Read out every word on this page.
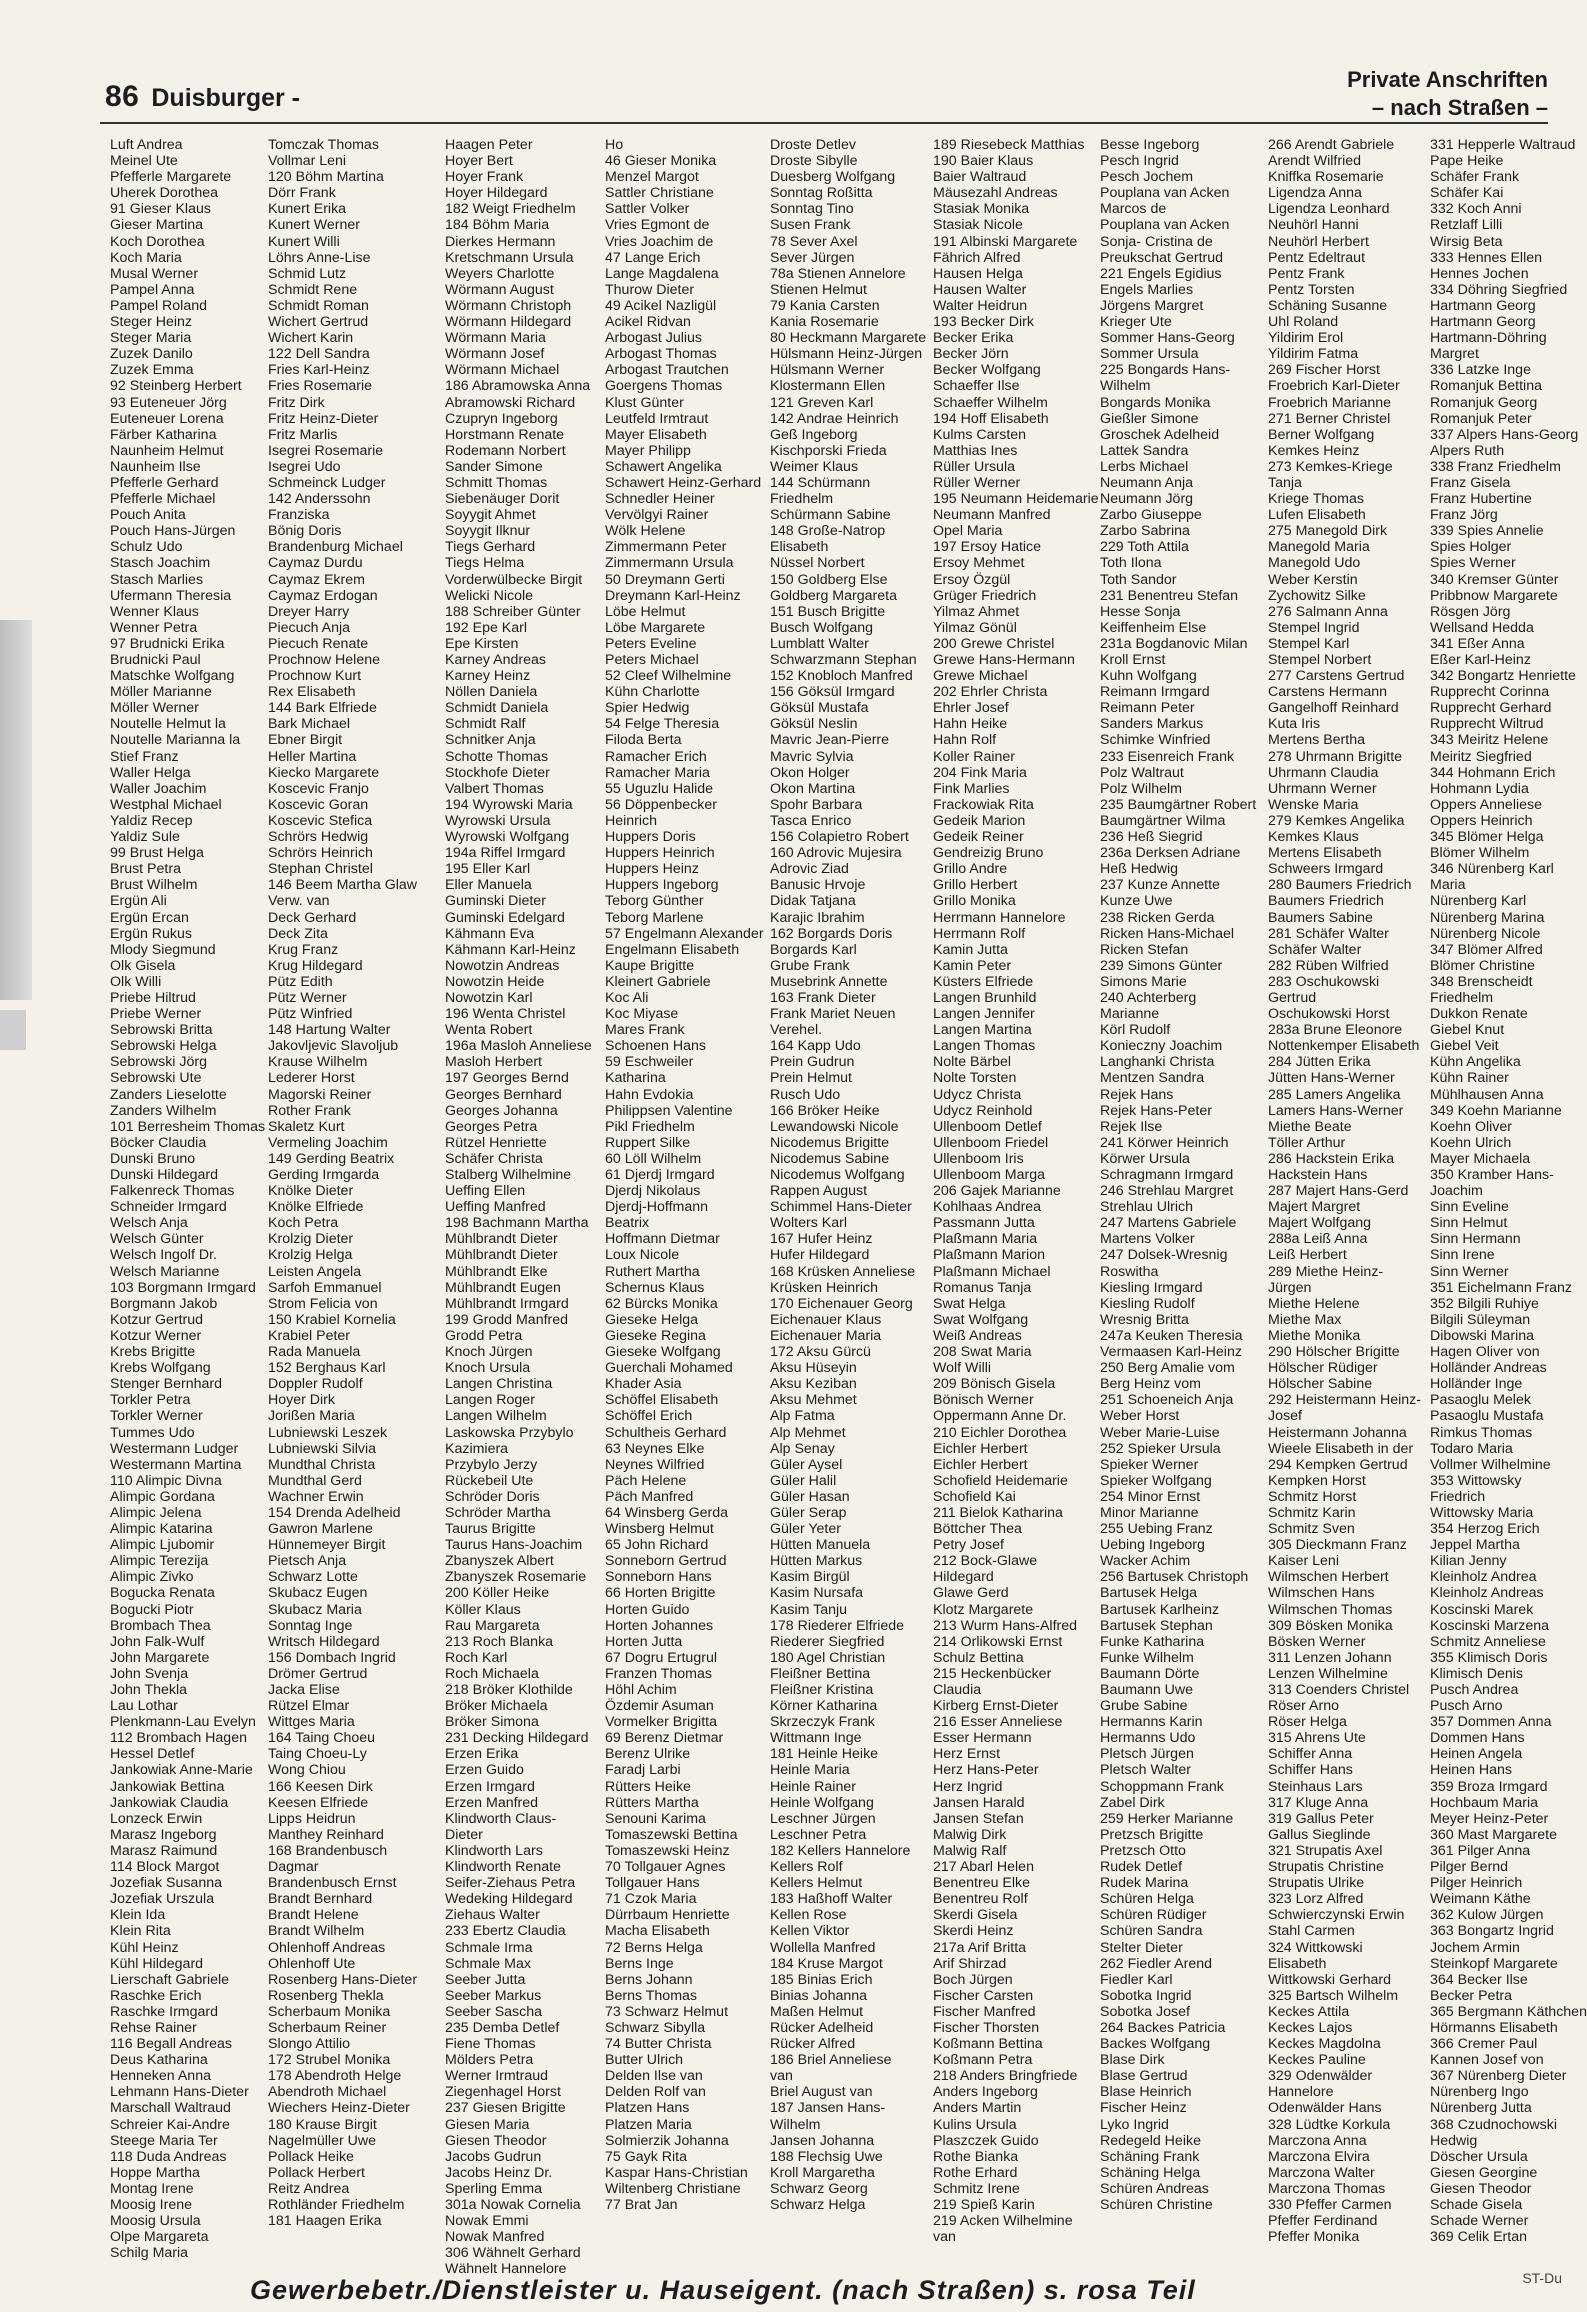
86 Duisburger -
Private Anschriften
– nach Straßen –
Luft Andrea
Meinel Ute
Pfefferle Margarete
Uherek Dorothea
91 Gieser Klaus
Gieser Martina
Koch Dorothea
Koch Maria
Musal Werner
Pampel Anna
Pampel Roland
Steger Heinz
Steger Maria
Zuzek Danilo
Zuzek Emma
92 Steinberg Herbert
93 Euteneuer Jörg
Euteneuer Lorena
Färber Katharina
Naunheim Helmut
Naunheim Ilse
Pfefferle Gerhard
Pfefferle Michael
Pouch Anita
Pouch Hans-Jürgen
Schulz Udo
Stasch Joachim
Stasch Marlies
Ufermann Theresia
Wenner Klaus
Wenner Petra
97 Brudnicki Erika
Brudnicki Paul
Matschke Wolfgang
Möller Marianne
Möller Werner
Noutelle Helmut la
Noutelle Marianna la
Stief Franz
Waller Helga
Waller Joachim
Westphal Michael
Yaldiz Recep
Yaldiz Sule
99 Brust Helga
Brust Petra
Brust Wilhelm
Ergün Ali
Ergün Ercan
Ergün Rukus
Mlody Siegmund
Olk Gisela
Olk Willi
Priebe Hiltrud
Priebe Werner
Sebrowski Britta
Sebrowski Helga
Sebrowski Jörg
Sebrowski Ute
Zanders Lieselotte
Zanders Wilhelm
101 Berresheim Thomas
Böcker Claudia
Dunski Bruno
Dunski Hildegard
Falkenreck Thomas
Schneider Irmgard
Welsch Anja
Welsch Günter
Welsch Ingolf Dr.
Welsch Marianne
103 Borgmann Irmgard
Borgmann Jakob
Kotzur Gertrud
Kotzur Werner
Krebs Brigitte
Krebs Wolfgang
Stenger Bernhard
Torkler Petra
Torkler Werner
Tummes Udo
Westermann Ludger
Westermann Martina
110 Alimpic Divna
Alimpic Gordana
Alimpic Jelena
Alimpic Katarina
Alimpic Ljubomir
Alimpic Terezija
Alimpic Zivko
Bogucka Renata
Bogucki Piotr
Brombach Thea
John Falk-Wulf
John Margarete
John Svenja
John Thekla
Lau Lothar
Plenkmann-Lau Evelyn
112 Brombach Hagen
Hessel Detlef
Jankowiak Anne-Marie
Jankowiak Bettina
Jankowiak Claudia
Lonzeck Erwin
Marasz Ingeborg
Marasz Raimund
114 Block Margot
Jozefiak Susanna
Jozefiak Urszula
Klein Ida
Klein Rita
Kühl Heinz
Kühl Hildegard
Lierschaft Gabriele
Raschke Erich
Raschke Irmgard
Rehse Rainer
116 Begall Andreas
Deus Katharina
Henneken Anna
Lehmann Hans-Dieter
Marschall Waltraud
Schreier Kai-Andre
Steege Maria Ter
118 Duda Andreas
Hoppe Martha
Montag Irene
Moosig Irene
Moosig Ursula
Olpe Margareta
Schilg Maria
Tomczak Thomas
Vollmar Leni
120 Böhm Martina
Dörr Frank
Kunert Erika
Kunert Werner
Kunert Willi
Löhrs Anne-Lise
Schmid Lutz
Schmidt Rene
Schmidt Roman
Wichert Gertrud
Wichert Karin
122 Dell Sandra
Fries Karl-Heinz
Fries Rosemarie
Fritz Dirk
Fritz Heinz-Dieter
Fritz Marlis
Isegrei Rosemarie
Isegrei Udo
Schmeinck Ludger
142 Anderssohn
Franziska
Bönig Doris
Brandenburg Michael
Caymaz Durdu
Caymaz Ekrem
Caymaz Erdogan
Dreyer Harry
Piecuch Anja
Piecuch Renate
Prochnow Helene
Prochnow Kurt
Rex Elisabeth
144 Bark Elfriede
Bark Michael
Ebner Birgit
Heller Martina
Kiecko Margarete
Koscevic Franjo
Koscevic Goran
Koscevic Stefica
Schrörs Hedwig
Schrörs Heinrich
Stephan Christel
146 Beem Martha Glaw
Verw. van
Deck Gerhard
Deck Zita
Krug Franz
Krug Hildegard
Pütz Edith
Pütz Werner
Pütz Winfried
148 Hartung Walter
Jakovljevic Slavoljub
Krause Wilhelm
Lederer Horst
Magorski Reiner
Rother Frank
Skaletz Kurt
Vermeling Joachim
149 Gerding Beatrix
Gerding Irmgarda
Knölke Dieter
Knölke Elfriede
Koch Petra
Krolzig Dieter
Krolzig Helga
Leisten Angela
Sarfoh Emmanuel
Strom Felicia von
150 Krabiel Kornelia
Krabiel Peter
Rada Manuela
152 Berghaus Karl
Doppler Rudolf
Hoyer Dirk
Jorißen Maria
Lubniewski Leszek
Lubniewski Silvia
Mundthal Christa
Mundthal Gerd
Wachner Erwin
154 Drenda Adelheid
Gawron Marlene
Hünnemeyer Birgit
Pietsch Anja
Schwarz Lotte
Skubacz Eugen
Skubacz Maria
Sonntag Inge
Writsch Hildegard
156 Dombach Ingrid
Drömer Gertrud
Jacka Elise
Rützel Elmar
Wittges Maria
164 Taing Choeu
Taing Choeu-Ly
Wong Chiou
166 Keesen Dirk
Keesen Elfriede
Lipps Heidrun
Manthey Reinhard
168 Brandenbusch
Dagmar
Brandenbusch Ernst
Brandt Bernhard
Brandt Helene
Brandt Wilhelm
Ohlenhoff Andreas
Ohlenhoff Ute
Rosenberg Hans-Dieter
Rosenberg Thekla
Scherbaum Monika
Scherbaum Reiner
Slongo Attilio
172 Strubel Monika
178 Abendroth Helge
Abendroth Michael
Wiechers Heinz-Dieter
180 Krause Birgit
Nagelmüller Uwe
Pollack Heike
Pollack Herbert
Reitz Andrea
Rothländer Friedhelm
181 Haagen Erika
Haagen Peter
Hoyer Bert
Hoyer Frank
Hoyer Hildegard
182 Weigt Friedhelm
184 Böhm Maria
Dierkes Hermann
Kretschmann Ursula
Weyers Charlotte
Wörmann August
Wörmann Christoph
Wörmann Hildegard
Wörmann Maria
Wörmann Josef
Wörmann Michael
186 Abramowska Anna
Abramowski Richard
Czupryn Ingeborg
Horstmann Renate
Rodemann Norbert
Sander Simone
Schmitt Thomas
Siebenäuger Dorit
Soyygit Ahmet
Soyygit Ilknur
Tiegs Gerhard
Tiegs Helma
Vorderwülbecke Birgit
Welicki Nicole
188 Schreiber Günter
192 Epe Karl
Epe Kirsten
Karney Andreas
Karney Heinz
Nöllen Daniela
Schmidt Daniela
Schmidt Ralf
Schnitker Anja
Schotte Thomas
Stockhofe Dieter
Valbert Thomas
194 Wyrowski Maria
Wyrowski Ursula
Wyrowski Wolfgang
194a Riffel Irmgard
195 Eller Karl
Eller Manuela
Guminski Dieter
Guminski Edelgard
Kähmann Eva
Kähmann Karl-Heinz
Nowotzin Andreas
Nowotzin Heide
Nowotzin Karl
196 Wenta Christel
Wenta Robert
196a Masloh Anneliese
Masloh Herbert
197 Georges Bernd
Georges Bernhard
Georges Johanna
Georges Petra
Rützel Henriette
Schäfer Christa
Stalberg Wilhelmine
Ueffing Ellen
Ueffing Manfred
198 Bachmann Martha
Mühlbrandt Dieter
Mühlbrandt Dieter
Mühlbrandt Elke
Mühlbrandt Eugen
Mühlbrandt Irmgard
199 Grodd Manfred
Grodd Petra
Knoch Jürgen
Knoch Ursula
Langen Christina
Langen Roger
Langen Wilhelm
Laskowska Przybylo
Kazimiera
Przybylo Jerzy
Rückebeil Ute
Schröder Doris
Schröder Martha
Taurus Brigitte
Taurus Hans-Joachim
Zbanyszek Albert
Zbanyszek Rosemarie
200 Köller Heike
Köller Klaus
Rau Margareta
213 Roch Blanka
Roch Karl
Roch Michaela
218 Bröker Klothilde
Bröker Michaela
Bröker Simona
231 Decking Hildegard
Erzen Erika
Erzen Guido
Erzen Irmgard
Erzen Manfred
Klindworth Claus-
Dieter
Klindworth Lars
Klindworth Renate
Seifer-Ziehaus Petra
Wedeking Hildegard
Ziehaus Walter
233 Ebertz Claudia
Schmale Irma
Schmale Max
Seeber Jutta
Seeber Markus
Seeber Sascha
235 Demba Detlef
Fiene Thomas
Mölders Petra
Werner Irmtraud
Ziegenhagel Horst
237 Giesen Brigitte
Giesen Maria
Giesen Theodor
Jacobs Gudrun
Jacobs Heinz Dr.
Sperling Emma
301a Nowak Cornelia
Nowak Emmi
Nowak Manfred
306 Wähnelt Gerhard
Wähnelt Hannelore
Ho
46 Gieser Monika
Menzel Margot
Sattler Christiane
Sattler Volker
Vries Egmont de
Vries Joachim de
47 Lange Erich
Lange Magdalena
Thurow Dieter
49 Acikel Nazligül
Acikel Ridvan
Arbogast Julius
Arbogast Thomas
Arbogast Trautchen
Goergens Thomas
Klust Günter
Leutfeld Irmtraut
Mayer Elisabeth
Mayer Philipp
Schawert Angelika
Schawert Heinz-Gerhard
Schnedler Heiner
Vervölgyi Rainer
Wölk Helene
Zimmermann Peter
Zimmermann Ursula
50 Dreymann Gerti
Dreymann Karl-Heinz
Löbe Helmut
Löbe Margarete
Peters Eveline
Peters Michael
52 Cleef Wilhelmine
Kühn Charlotte
Spier Hedwig
54 Felge Theresia
Filoda Berta
Ramacher Erich
Ramacher Maria
55 Uguzlu Halide
56 Döppenbecker
Heinrich
Huppers Doris
Huppers Heinrich
Huppers Heinz
Huppers Ingeborg
Teborg Günther
Teborg Marlene
57 Engelmann Alexander
Engelmann Elisabeth
Kaupe Brigitte
Kleinert Gabriele
Koc Ali
Koc Miyase
Mares Frank
Schoenen Hans
59 Eschweiler
Katharina
Hahn Evdokia
Philippsen Valentine
Pikl Friedhelm
Ruppert Silke
60 Löll Wilhelm
61 Djerdj Irmgard
Djerdj Nikolaus
Djerdj-Hoffmann
Beatrix
Hoffmann Dietmar
Loux Nicole
Ruthert Martha
Schernus Klaus
62 Bürcks Monika
Gieseke Helga
Gieseke Regina
Gieseke Wolfgang
Guerchali Mohamed
Khader Asia
Schöffel Elisabeth
Schöffel Erich
Schultheis Gerhard
63 Neynes Elke
Neynes Wilfried
Päch Helene
Päch Manfred
64 Winsberg Gerda
Winsberg Helmut
65 John Richard
Sonneborn Gertrud
Sonneborn Hans
66 Horten Brigitte
Horten Guido
Horten Johannes
Horten Jutta
67 Dogru Ertugrul
Franzen Thomas
Höhl Achim
Özdemir Asuman
Vormelker Brigitta
69 Berenz Dietmar
Berenz Ulrike
Faradj Larbi
Rütters Heike
Rütters Martha
Senouni Karima
Tomaszewski Bettina
Tomaszewski Heinz
70 Tollgauer Agnes
Tollgauer Hans
71 Czok Maria
Dürrbaum Henriette
Macha Elisabeth
72 Berns Helga
Berns Inge
Berns Johann
Berns Thomas
73 Schwarz Helmut
Schwarz Sibylla
74 Butter Christa
Butter Ulrich
Delden Ilse van
Delden Rolf van
Platzen Hans
Platzen Maria
Solmierzik Johanna
75 Gayk Rita
Kaspar Hans-Christian
Wiltenberg Christiane
77 Brat Jan
Droste Detlev
Droste Sibylle
Duesberg Wolfgang
Sonntag Roßitta
Sonntag Tino
Susen Frank
78 Sever Axel
Sever Jürgen
78a Stienen Annelore
Stienen Helmut
79 Kania Carsten
Kania Rosemarie
80 Heckmann Margarete
Hülsmann Heinz-Jürgen
Hülsmann Werner
Klostermann Ellen
121 Greven Karl
142 Andrae Heinrich
Geß Ingeborg
Kischporski Frieda
Weimer Klaus
144 Schürmann
Friedhelm
Schürmann Sabine
148 Große-Natrop
Elisabeth
Nüssel Norbert
150 Goldberg Else
Goldberg Margareta
151 Busch Brigitte
Busch Wolfgang
Lumblatt Walter
Schwarzmann Stephan
152 Knobloch Manfred
156 Göksül Irmgard
Göksül Mustafa
Göksül Neslin
Mavric Jean-Pierre
Mavric Sylvia
Okon Holger
Okon Martina
Spohr Barbara
Tasca Enrico
156 Colapietro Robert
160 Adrovic Mujesira
Adrovic Ziad
Banusic Hrvoje
Didak Tatjana
Karajic Ibrahim
162 Borgards Doris
Borgards Karl
Grube Frank
Musebrink Annette
163 Frank Dieter
Frank Mariet Neuen
Verehel.
164 Kapp Udo
Prein Gudrun
Prein Helmut
Rusch Udo
166 Bröker Heike
Lewandowski Nicole
Nicodemus Brigitte
Nicodemus Sabine
Nicodemus Wolfgang
Rappen August
Schimmel Hans-Dieter
Wolters Karl
167 Hufer Heinz
Hufer Hildegard
168 Krüsken Anneliese
Krüsken Heinrich
170 Eichenauer Georg
Eichenauer Klaus
Eichenauer Maria
172 Aksu Gürcü
Aksu Hüseyin
Aksu Keziban
Aksu Mehmet
Alp Fatma
Alp Mehmet
Alp Senay
Güler Aysel
Güler Halil
Güler Hasan
Güler Serap
Güler Yeter
Hütten Manuela
Hütten Markus
Kasim Birgül
Kasim Nursafa
Kasim Tanju
178 Riederer Elfriede
Riederer Siegfried
180 Agel Christian
Fleißner Bettina
Fleißner Kristina
Körner Katharina
Skrzeczyk Frank
Wittmann Inge
181 Heinle Heike
Heinle Maria
Heinle Rainer
Heinle Wolfgang
Leschner Jürgen
Leschner Petra
182 Kellers Hannelore
Kellers Rolf
Kellers Helmut
183 Haßhoff Walter
Kellen Rose
Kellen Viktor
Wollella Manfred
184 Kruse Margot
185 Binias Erich
Binias Johanna
Maßen Helmut
Rücker Adelheid
Rücker Alfred
186 Briel Anneliese
van
Briel August van
187 Jansen Hans-
Wilhelm
Jansen Johanna
188 Flechsig Uwe
Kroll Margaretha
Schwarz Georg
Schwarz Helga
189 Riesebeck Matthias
190 Baier Klaus
Baier Waltraud
Mäusezahl Andreas
Stasiak Monika
Stasiak Nicole
191 Albinski Margarete
Fährich Alfred
Hausen Helga
Hausen Walter
Walter Heidrun
193 Becker Dirk
Becker Erika
Becker Jörn
Becker Wolfgang
Schaeffer Ilse
Schaeffer Wilhelm
194 Hoff Elisabeth
Kulms Carsten
Matthias Ines
Rüller Ursula
Rüller Werner
195 Neumann Heidemarie
Neumann Manfred
Opel Maria
197 Ersoy Hatice
Ersoy Mehmet
Ersoy Özgül
Grüger Friedrich
Yilmaz Ahmet
Yilmaz Gönül
200 Grewe Christel
Grewe Hans-Hermann
Grewe Michael
202 Ehrler Christa
Ehrler Josef
Hahn Heike
Hahn Rolf
Koller Rainer
204 Fink Maria
Fink Marlies
Frackowiak Rita
Gedeik Marion
Gedeik Reiner
Gendreizig Bruno
Grillo Andre
Grillo Herbert
Grillo Monika
Herrmann Hannelore
Herrmann Rolf
Kamin Jutta
Kamin Peter
Küsters Elfriede
Langen Brunhild
Langen Jennifer
Langen Martina
Langen Thomas
Nolte Bärbel
Nolte Torsten
Udycz Christa
Udycz Reinhold
Ullenboom Detlef
Ullenboom Friedel
Ullenboom Iris
Ullenboom Marga
206 Gajek Marianne
Kohlhaas Andrea
Passmann Jutta
Plaßmann Maria
Plaßmann Marion
Plaßmann Michael
Romanus Tanja
Swat Helga
Swat Wolfgang
Weiß Andreas
208 Swat Maria
Wolf Willi
209 Bönisch Gisela
Bönisch Werner
Oppermann Anne Dr.
210 Eichler Dorothea
Eichler Herbert
Eichler Herbert
Schofield Heidemarie
Schofield Kai
211 Bielok Katharina
Böttcher Thea
Petry Josef
212 Bock-Glawe
Hildegard
Glawe Gerd
Klotz Margarete
213 Wurm Hans-Alfred
214 Orlikowski Ernst
Schulz Bettina
215 Heckenbücker
Claudia
Kirberg Ernst-Dieter
216 Esser Anneliese
Esser Hermann
Herz Ernst
Herz Hans-Peter
Herz Ingrid
Jansen Harald
Jansen Stefan
Malwig Dirk
Malwig Ralf
217 Abarl Helen
Benentreu Elke
Benentreu Rolf
Skerdi Gisela
Skerdi Heinz
217a Arif Britta
Arif Shirzad
Boch Jürgen
Fischer Carsten
Fischer Manfred
Fischer Thorsten
Koßmann Bettina
Koßmann Petra
218 Anders Bringfriede
Anders Ingeborg
Anders Martin
Kulins Ursula
Plaszczek Guido
Rothe Bianka
Rothe Erhard
Schmitz Irene
219 Spieß Karin
219 Acken Wilhelmine
van
Besse Ingeborg
Pesch Ingrid
Pesch Jochem
Pouplana van Acken
Marcos de
Pouplana van Acken
Sonja- Cristina de
Preukschat Gertrud
221 Engels Egidius
Engels Marlies
Jörgens Margret
Krieger Ute
Sommer Hans-Georg
Sommer Ursula
225 Bongards Hans-
Wilhelm
Bongards Monika
Gießler Simone
Groschek Adelheid
Lattek Sandra
Lerbs Michael
Neumann Anja
Neumann Jörg
Zarbo Giuseppe
Zarbo Sabrina
229 Toth Attila
Toth Ilona
Toth Sandor
231 Benentreu Stefan
Hesse Sonja
Keiffenheim Else
231a Bogdanovic Milan
Kroll Ernst
Kuhn Wolfgang
Reimann Irmgard
Reimann Peter
Sanders Markus
Schimke Winfried
233 Eisenreich Frank
Polz Waltraut
Polz Wilhelm
235 Baumgärtner Robert
Baumgärtner Wilma
236 Heß Siegrid
236a Derksen Adriane
Heß Hedwig
237 Kunze Annette
Kunze Uwe
238 Ricken Gerda
Ricken Hans-Michael
Ricken Stefan
239 Simons Günter
Simons Marie
240 Achterberg
Marianne
Körl Rudolf
Konieczny Joachim
Langhanki Christa
Mentzen Sandra
Rejek Hans
Rejek Hans-Peter
Rejek Ilse
241 Körwer Heinrich
Körwer Ursula
Schragmann Irmgard
246 Strehlau Margret
Strehlau Ulrich
247 Martens Gabriele
Martens Volker
247 Dolsek-Wresnig
Roswitha
Kiesling Irmgard
Kiesling Rudolf
Wresnig Britta
247a Keuken Theresia
Vermaasen Karl-Heinz
250 Berg Amalie vom
Berg Heinz vom
251 Schoeneich Anja
Weber Horst
Weber Marie-Luise
252 Spieker Ursula
Spieker Werner
Spieker Wolfgang
254 Minor Ernst
Minor Marianne
255 Uebing Franz
Uebing Ingeborg
Wacker Achim
256 Bartusek Christoph
Bartusek Helga
Bartusek Karlheinz
Bartusek Stephan
Funke Katharina
Funke Wilhelm
Baumann Dörte
Baumann Uwe
Grube Sabine
Hermanns Karin
Hermanns Udo
Pletsch Jürgen
Pletsch Walter
Schoppmann Frank
Zabel Dirk
259 Herker Marianne
Pretzsch Brigitte
Pretzsch Otto
Rudek Detlef
Rudek Marina
Schüren Helga
Schüren Rüdiger
Schüren Sandra
Stelter Dieter
262 Fiedler Arend
Fiedler Karl
Sobotka Ingrid
Sobotka Josef
264 Backes Patricia
Backes Wolfgang
Blase Dirk
Blase Gertrud
Blase Heinrich
Fischer Heinz
Lyko Ingrid
Redegeld Heike
Schäning Frank
Schäning Helga
Schüren Andreas
Schüren Christine
266 Arendt Gabriele
Arendt Wilfried
Kniffka Rosemarie
Ligendza Anna
Ligendza Leonhard
Neuhörl Hanni
Neuhörl Herbert
Pentz Edeltraut
Pentz Frank
Pentz Torsten
Schäning Susanne
Uhl Roland
Yildirim Erol
Yildirim Fatma
269 Fischer Horst
Froebrich Karl-Dieter
Froebrich Marianne
271 Berner Christel
Berner Wolfgang
Kemkes Heinz
273 Kemkes-Kriege
Tanja
Kriege Thomas
Lufen Elisabeth
275 Manegold Dirk
Manegold Maria
Manegold Udo
Weber Kerstin
Zychowitz Silke
276 Salmann Anna
Stempel Ingrid
Stempel Karl
Stempel Norbert
277 Carstens Gertrud
Carstens Hermann
Gangelhoff Reinhard
Kuta Iris
Mertens Bertha
278 Uhrmann Brigitte
Uhrmann Claudia
Uhrmann Werner
Wenske Maria
279 Kemkes Angelika
Kemkes Klaus
Mertens Elisabeth
Schweers Irmgard
280 Baumers Friedrich
Baumers Friedrich
Baumers Sabine
281 Schäfer Walter
Schäfer Walter
282 Rüben Wilfried
283 Oschukowski
Gertrud
Oschukowski Horst
283a Brune Eleonore
Nottenkemper Elisabeth
284 Jütten Erika
Jütten Hans-Werner
285 Lamers Angelika
Lamers Hans-Werner
Miethe Beate
Töller Arthur
286 Hackstein Erika
Hackstein Hans
287 Majert Hans-Gerd
Majert Margret
Majert Wolfgang
288a Leiß Anna
Leiß Herbert
289 Miethe Heinz-
Jürgen
Miethe Helene
Miethe Max
Miethe Monika
290 Hölscher Brigitte
Hölscher Rüdiger
Hölscher Sabine
292 Heistermann Heinz-
Josef
Heistermann Johanna
Wieele Elisabeth in der
294 Kempken Gertrud
Kempken Horst
Schmitz Horst
Schmitz Karin
Schmitz Sven
305 Dieckmann Franz
Kaiser Leni
Wilmschen Herbert
Wilmschen Hans
Wilmschen Thomas
309 Bösken Monika
Bösken Werner
311 Lenzen Johann
Lenzen Wilhelmine
313 Coenders Christel
Röser Arno
Röser Helga
315 Ahrens Ute
Schiffer Anna
Schiffer Hans
Steinhaus Lars
317 Kluge Anna
319 Gallus Peter
Gallus Sieglinde
321 Strupatis Axel
Strupatis Christine
Strupatis Ulrike
323 Lorz Alfred
Schwierczynski Erwin
Stahl Carmen
324 Wittkowski
Elisabeth
Wittkowski Gerhard
325 Bartsch Wilhelm
Keckes Attila
Keckes Lajos
Keckes Magdolna
Keckes Pauline
329 Odenwälder
Hannelore
Odenwälder Hans
328 Lüdtke Korkula
Marczona Anna
Marczona Elvira
Marczona Walter
Marczona Thomas
330 Pfeffer Carmen
Pfeffer Ferdinand
Pfeffer Monika
331 Hepperle Waltraud
Pape Heike
Schäfer Frank
Schäfer Kai
332 Koch Anni
Retzlaff Lilli
Wirsig Beta
333 Hennes Ellen
Hennes Jochen
334 Döhring Siegfried
Hartmann Georg
Hartmann Georg
Hartmann-Döhring
Margret
336 Latzke Inge
Romanjuk Bettina
Romanjuk Georg
Romanjuk Peter
337 Alpers Hans-Georg
Alpers Ruth
338 Franz Friedhelm
Franz Gisela
Franz Hubertine
Franz Jörg
339 Spies Annelie
Spies Holger
Spies Werner
340 Kremser Günter
Pribbnow Margarete
Rösgen Jörg
Wellsand Hedda
341 Eßer Anna
Eßer Karl-Heinz
342 Bongartz Henriette
Rupprecht Corinna
Rupprecht Gerhard
Rupprecht Wiltrud
343 Meiritz Helene
Meiritz Siegfried
344 Hohmann Erich
Hohmann Lydia
Oppers Anneliese
Oppers Heinrich
345 Blömer Helga
Blömer Wilhelm
346 Nürenberg Karl
Maria
Nürenberg Karl
Nürenberg Marina
Nürenberg Nicole
347 Blömer Alfred
Blömer Christine
348 Brenscheidt
Friedhelm
Dukkon Renate
Giebel Knut
Giebel Veit
Kühn Angelika
Kühn Rainer
Mühlhausen Anna
349 Koehn Marianne
Koehn Oliver
Koehn Ulrich
Mayer Michaela
350 Kramber Hans-
Joachim
Sinn Eveline
Sinn Helmut
Sinn Hermann
Sinn Irene
Sinn Werner
351 Eichelmann Franz
352 Bilgili Ruhiye
Bilgili Süleyman
Dibowski Marina
Hagen Oliver von
Holländer Andreas
Holländer Inge
Pasaoglu Melek
Pasaoglu Mustafa
Rimkus Thomas
Todaro Maria
Vollmer Wilhelmine
353 Wittowsky
Friedrich
Wittowsky Maria
354 Herzog Erich
Jeppel Martha
Kilian Jenny
Kleinholz Andrea
Kleinholz Andreas
Koscinski Marek
Koscinski Marzena
Schmitz Anneliese
355 Klimisch Doris
Klimisch Denis
Pusch Andrea
Pusch Arno
357 Dommen Anna
Dommen Hans
Heinen Angela
Heinen Hans
359 Broza Irmgard
Hochbaum Maria
Meyer Heinz-Peter
360 Mast Margarete
361 Pilger Anna
Pilger Bernd
Pilger Heinrich
Weimann Käthe
362 Kulow Jürgen
363 Bongartz Ingrid
Jochem Armin
Steinkopf Margarete
364 Becker Ilse
Becker Petra
365 Bergmann Käthchen
Hörmanns Elisabeth
366 Cremer Paul
Kannen Josef von
367 Nürenberg Dieter
Nürenberg Ingo
Nürenberg Jutta
368 Czudnochowski
Hedwig
Döscher Ursula
Giesen Georgine
Giesen Theodor
Schade Gisela
Schade Werner
369 Celik Ertan
Gewerbebetr./Dienstleister u. Hauseigent. (nach Straßen) s. rosa Teil	ST-Du
